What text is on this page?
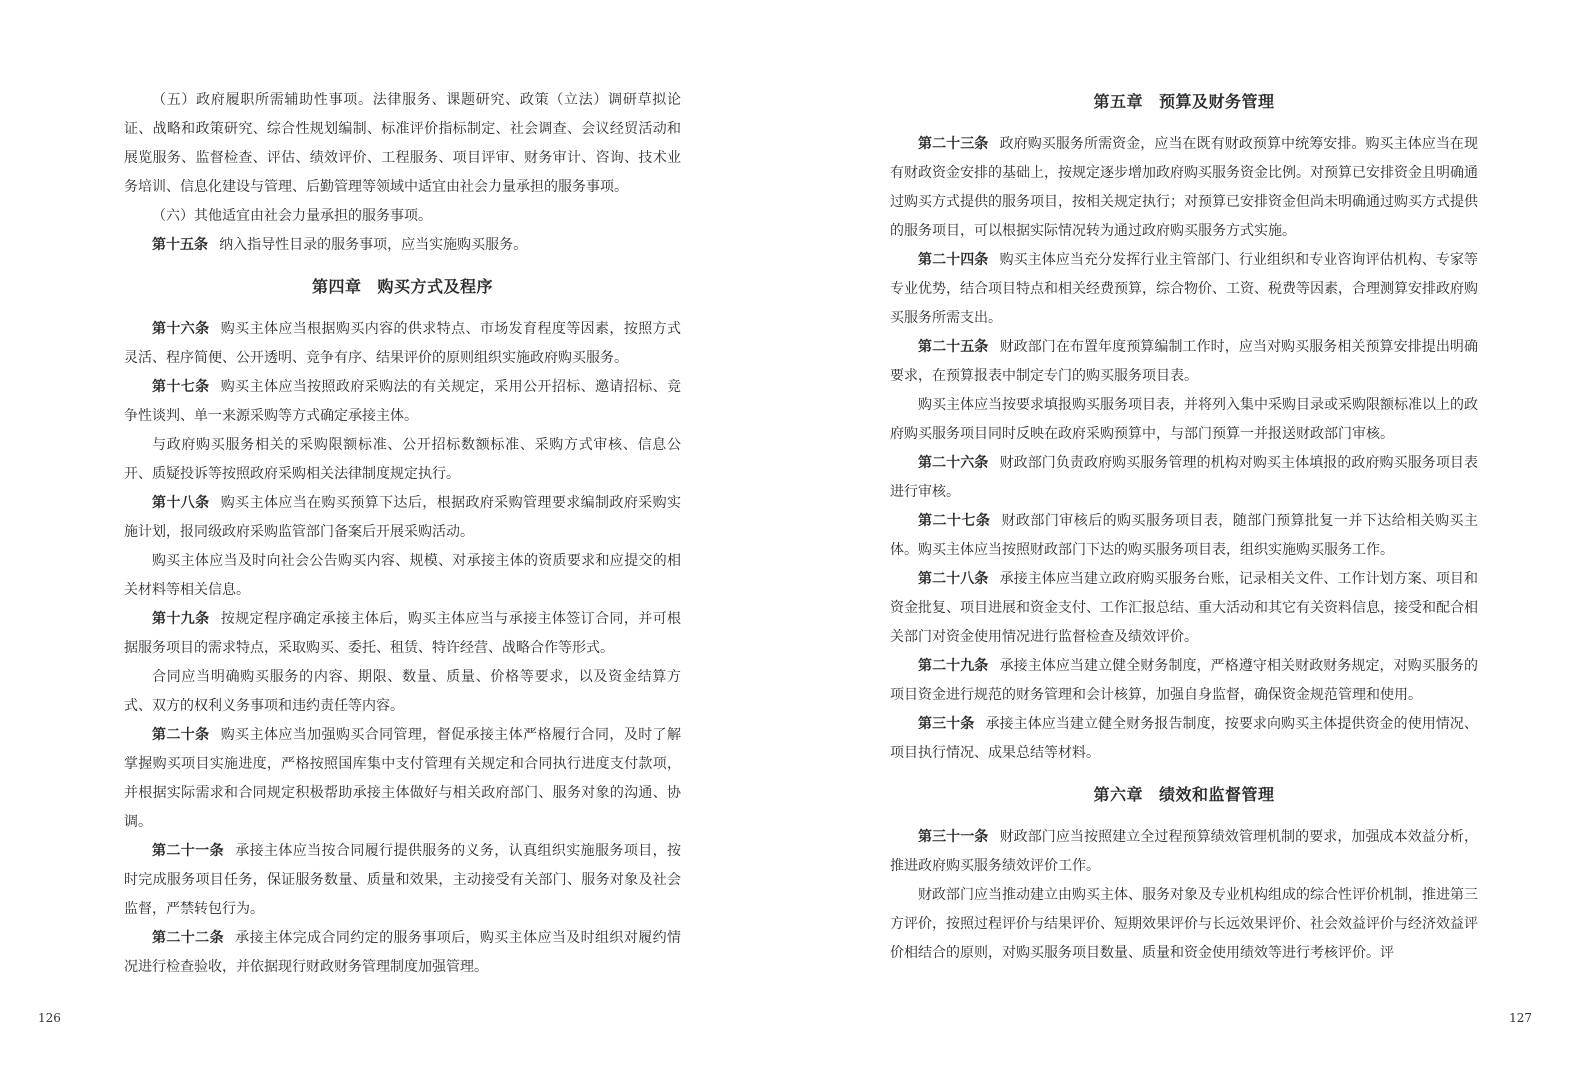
（五）政府履职所需辅助性事项。法律服务、课题研究、政策（立法）调研草拟论证、战略和政策研究、综合性规划编制、标准评价指标制定、社会调查、会议经贸活动和展览服务、监督检查、评估、绩效评价、工程服务、项目评审、财务审计、咨询、技术业务培训、信息化建设与管理、后勤管理等领域中适宜由社会力量承担的服务事项。

（六）其他适宜由社会力量承担的服务事项。

第十五条 纳入指导性目录的服务事项，应当实施购买服务。

第四章 购买方式及程序

第十六条 购买主体应当根据购买内容的供求特点、市场发育程度等因素，按照方式灵活、程序简便、公开透明、竞争有序、结果评价的原则组织实施政府购买服务。

第十七条 购买主体应当按照政府采购法的有关规定，采用公开招标、邀请招标、竞争性谈判、单一来源采购等方式确定承接主体。

与政府购买服务相关的采购限额标准、公开招标数额标准、采购方式审核、信息公开、质疑投诉等按照政府采购相关法律制度规定执行。

第十八条 购买主体应当在购买预算下达后，根据政府采购管理要求编制政府采购实施计划，报同级政府采购监管部门备案后开展采购活动。

购买主体应当及时向社会公告购买内容、规模、对承接主体的资质要求和应提交的相关材料等相关信息。

第十九条 按规定程序确定承接主体后，购买主体应当与承接主体签订合同，并可根据服务项目的需求特点，采取购买、委托、租赁、特许经营、战略合作等形式。

合同应当明确购买服务的内容、期限、数量、质量、价格等要求，以及资金结算方式、双方的权利义务事项和违约责任等内容。

第二十条 购买主体应当加强购买合同管理，督促承接主体严格履行合同，及时了解掌握购买项目实施进度，严格按照国库集中支付管理有关规定和合同执行进度支付款项，并根据实际需求和合同规定积极帮助承接主体做好与相关政府部门、服务对象的沟通、协调。

第二十一条 承接主体应当按合同履行提供服务的义务，认真组织实施服务项目，按时完成服务项目任务，保证服务数量、质量和效果，主动接受有关部门、服务对象及社会监督，严禁转包行为。

第二十二条 承接主体完成合同约定的服务事项后，购买主体应当及时组织对履约情况进行检查验收，并依据现行财政财务管理制度加强管理。

126
第五章 预算及财务管理

第二十三条 政府购买服务所需资金，应当在既有财政预算中统筹安排。购买主体应当在现有财政资金安排的基础上，按规定逐步增加政府购买服务资金比例。对预算已安排资金且明确通过购买方式提供的服务项目，按相关规定执行；对预算已安排资金但尚未明确通过购买方式提供的服务项目，可以根据实际情况转为通过政府购买服务方式实施。

第二十四条 购买主体应当充分发挥行业主管部门、行业组织和专业咨询评估机构、专家等专业优势，结合项目特点和相关经费预算，综合物价、工资、税费等因素，合理测算安排政府购买服务所需支出。

第二十五条 财政部门在布置年度预算编制工作时，应当对购买服务相关预算安排提出明确要求，在预算报表中制定专门的购买服务项目表。

购买主体应当按要求填报购买服务项目表，并将列入集中采购目录或采购限额标准以上的政府购买服务项目同时反映在政府采购预算中，与部门预算一并报送财政部门审核。

第二十六条 财政部门负责政府购买服务管理的机构对购买主体填报的政府购买服务项目表进行审核。

第二十七条 财政部门审核后的购买服务项目表，随部门预算批复一并下达给相关购买主体。购买主体应当按照财政部门下达的购买服务项目表，组织实施购买服务工作。

第二十八条 承接主体应当建立政府购买服务台账，记录相关文件、工作计划方案、项目和资金批复、项目进展和资金支付、工作汇报总结、重大活动和其它有关资料信息，接受和配合相关部门对资金使用情况进行监督检查及绩效评价。

第二十九条 承接主体应当建立健全财务制度，严格遵守相关财政财务规定，对购买服务的项目资金进行规范的财务管理和会计核算，加强自身监督，确保资金规范管理和使用。

第三十条 承接主体应当建立健全财务报告制度，按要求向购买主体提供资金的使用情况、项目执行情况、成果总结等材料。

第六章 绩效和监督管理

第三十一条 财政部门应当按照建立全过程预算绩效管理机制的要求，加强成本效益分析，推进政府购买服务绩效评价工作。

财政部门应当推动建立由购买主体、服务对象及专业机构组成的综合性评价机制，推进第三方评价，按照过程评价与结果评价、短期效果评价与长远效果评价、社会效益评价与经济效益评价相结合的原则，对购买服务项目数量、质量和资金使用绩效等进行考核评价。评

127
